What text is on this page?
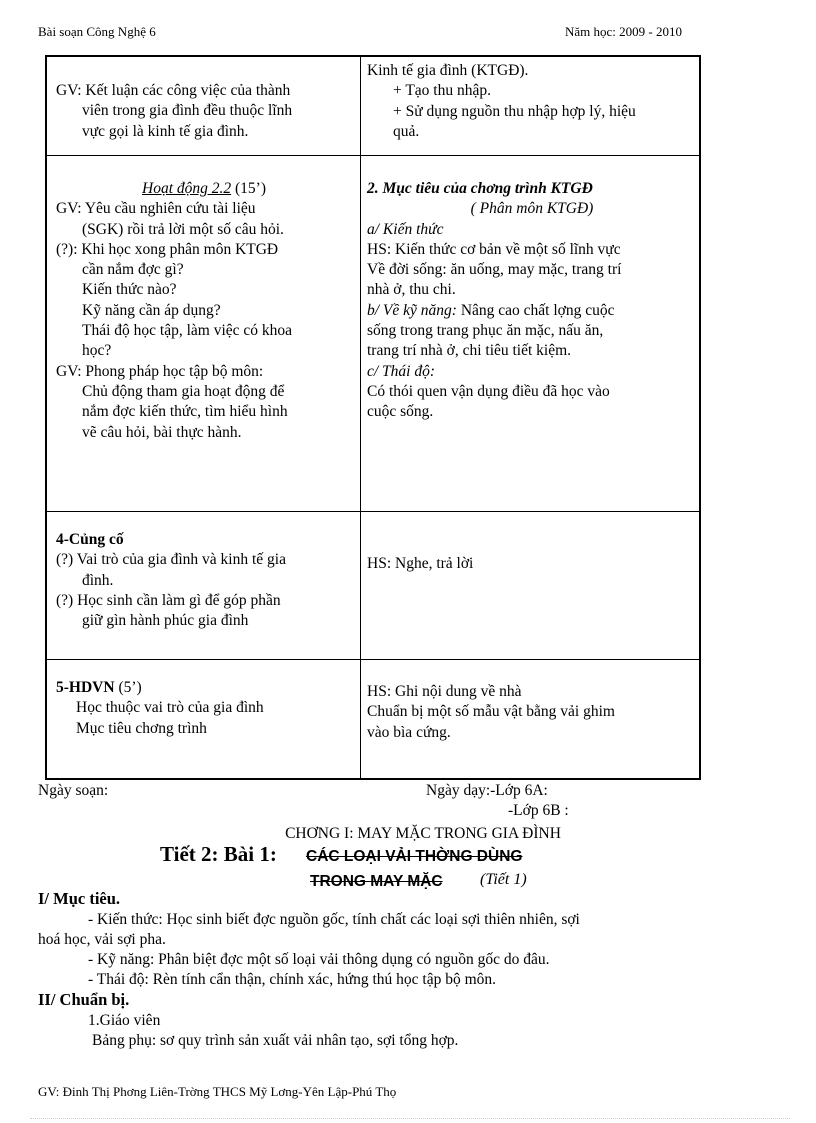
Bài soạn Công Nghệ 6	Năm học: 2009 - 2010

GV: Kết luận các công việc của thành

viên trong gia đình đều thuộc lĩnh

vực gọi là kinh tế gia đình.

Kinh tế gia đình (KTGĐ).

+ Tạo thu nhập.

+ Sử dụng nguồn thu nhập hợp lý, hiệu

quả.

Hoạt động 2.2 (15’)

GV: Yêu cầu nghiên cứu tài liệu

(SGK) rồi trả lời một số câu hỏi.

(?): Khi học xong phân môn KTGĐ

cần nắm đợc gì?

Kiến thức nào?

Kỹ năng cần áp dụng?

Thái độ học tập, làm việc có khoa

học?

GV: Phong pháp học tập bộ môn:

Chủ động tham gia hoạt động để

nắm đợc kiến thức, tìm hiểu hình

vẽ câu hỏi, bài thực hành.

2. Mục tiêu của chơng trình KTGĐ

( Phân môn KTGĐ)

a/ Kiến thức

HS: Kiến thức cơ bản về một số lĩnh vực

Về đời sống: ăn uống, may mặc, trang trí

nhà ở, thu chi.

b/ Về kỹ năng: Nâng cao chất lợng cuộc

sống trong trang phục ăn mặc, nấu ăn,

trang trí nhà ở, chi tiêu tiết kiệm.

c/ Thái độ:

Có thói quen vận dụng điều đã học vào

cuộc sống.

4-Củng cố

(?) Vai trò của gia đình và kinh tế gia

đình.

(?) Học sinh cần làm gì để góp phần

giữ gìn hành phúc gia đình

HS: Nghe, trả lời

5-HDVN (5’)

Học thuộc vai trò của gia đình

Mục tiêu chơng trình

HS: Ghi nội dung về nhà

Chuẩn bị một số mẫu vật bằng vải ghim

vào bìa cứng.

Ngày soạn:	Ngày dạy:-Lớp 6A:
-Lớp 6B :
CHƠNG I: MAY MẶC TRONG GIA ĐÌNH
Tiết 2: Bài 1: CÁC LOẠI VẢI THỜNG DÙNG
TRONG MAY MẶC (Tiết 1)
I/ Mục tiêu.
- Kiến thức: Học sinh biết đợc nguồn gốc, tính chất các loại sợi thiên nhiên, sợi
hoá học, vải sợi pha.
- Kỹ năng: Phân biệt đợc một số loại vải thông dụng có nguồn gốc do đâu.
- Thái độ: Rèn tính cẩn thận, chính xác, hứng thú học tập bộ môn.
II/ Chuẩn bị.
1.Giáo viên
Bảng phụ: sơ quy trình sản xuất vải nhân tạo, sợi tổng hợp.
GV: Đinh Thị Phơng Liên-Trờng THCS Mỹ Lơng-Yên Lập-Phú Thọ
